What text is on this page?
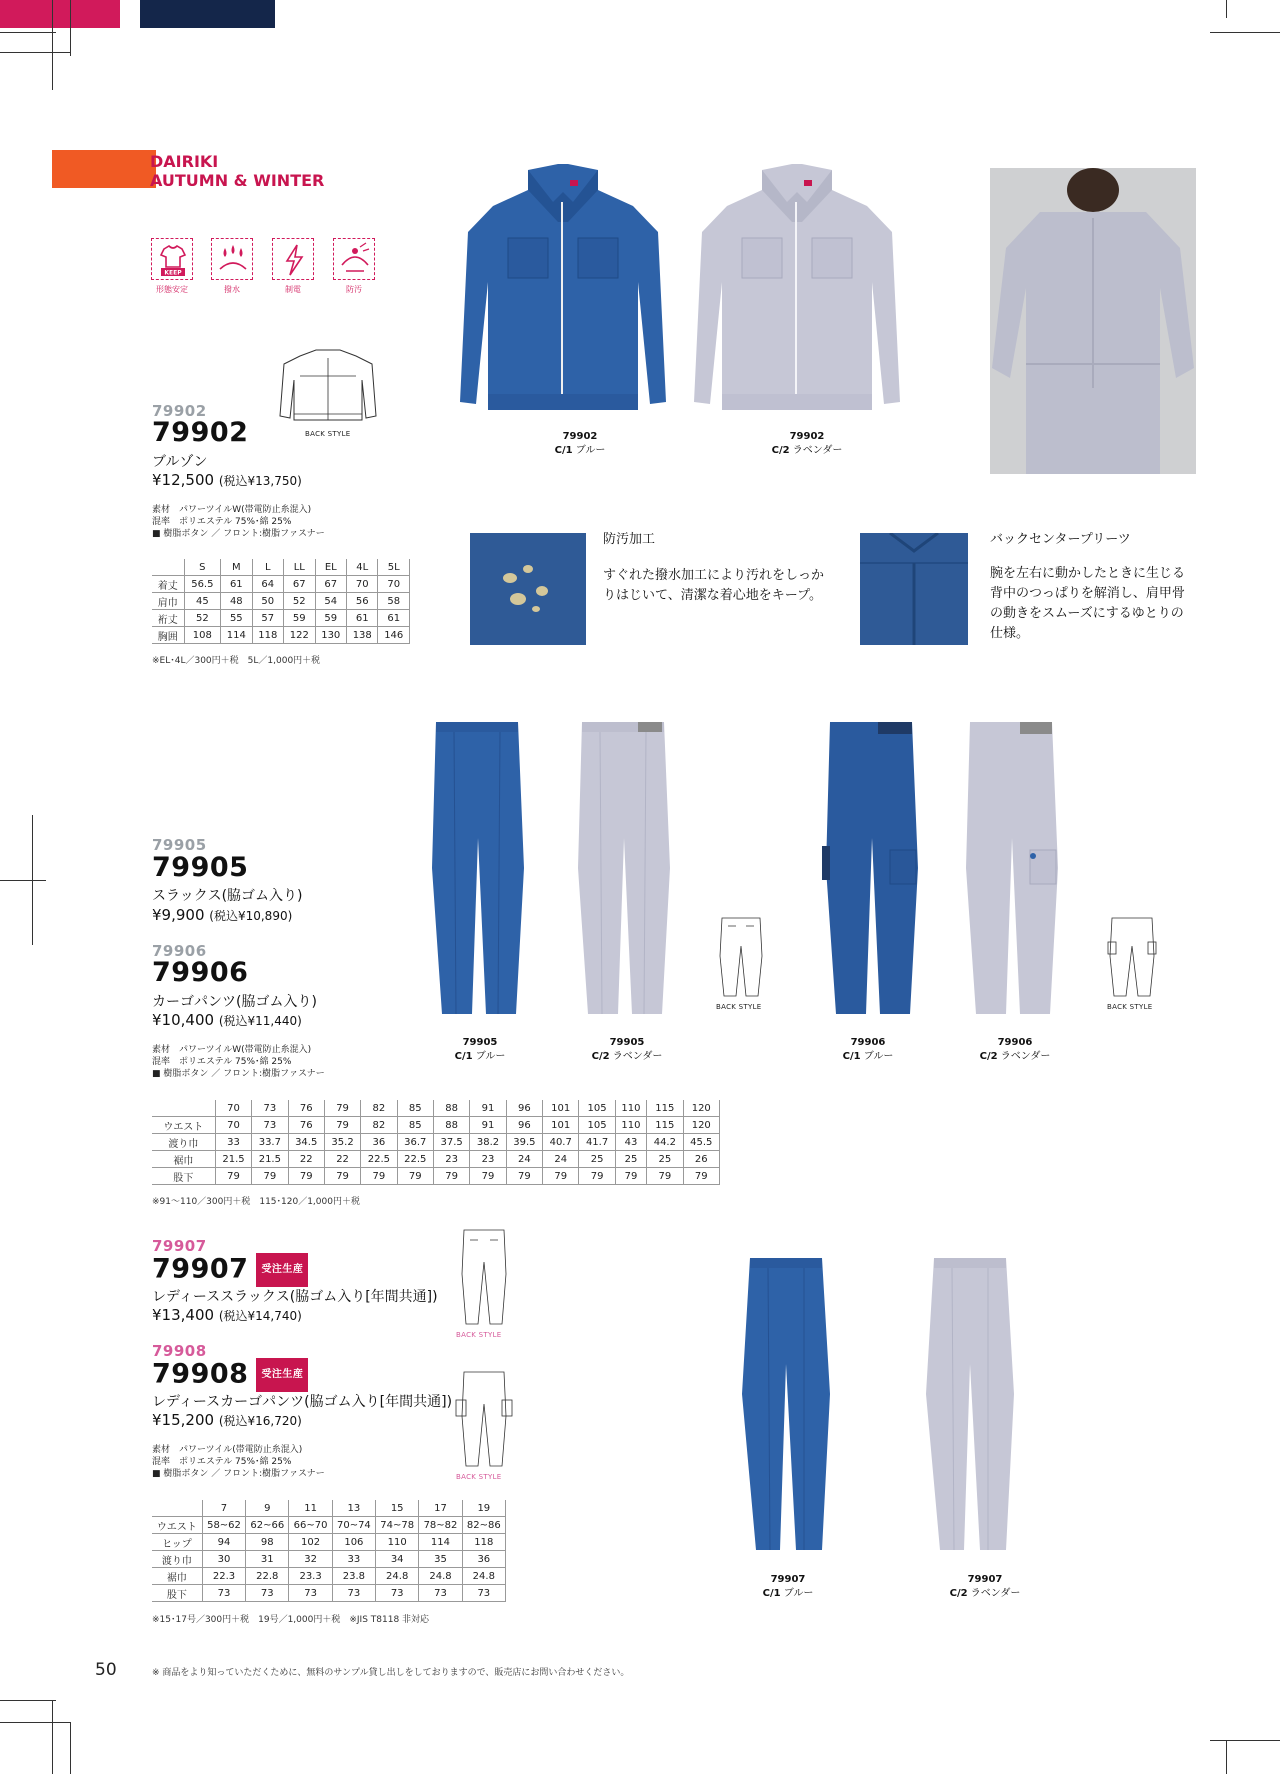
DAIRIKI
AUTUMN & WINTER
KEEP
形態安定	撥水	制電	防汚
BACK STYLE
79902
79902
ブルゾン
¥12,500 (税込¥13,750)
素材　パワーツイルW(帯電防止糸混入)
混率　ポリエステル 75%･綿 25%
■ 樹脂ボタン ／ フロント:樹脂ファスナー
	S	M	L	LL	EL	4L	5L
着丈	56.5	61	64	67	67	70	70
肩巾	45	48	50	52	54	56	58
裄丈	52	55	57	59	59	61	61
胸囲	108	114	118	122	130	138	146
※EL･4L／300円＋税　5L／1,000円＋税
79902
C/1 ブルー
79902
C/2 ラベンダー
防汚加工
すぐれた撥水加工により汚れをしっか
りはじいて、清潔な着心地をキープ。
バックセンタープリーツ
腕を左右に動かしたときに生じる
背中のつっぱりを解消し、肩甲骨
の動きをスムーズにするゆとりの
仕様。
79905
79905
スラックス(脇ゴム入り)
¥9,900 (税込¥10,890)
79906
79906
カーゴパンツ(脇ゴム入り)
¥10,400 (税込¥11,440)
素材　パワーツイルW(帯電防止糸混入)
混率　ポリエステル 75%･綿 25%
■ 樹脂ボタン ／ フロント:樹脂ファスナー
BACK STYLE	BACK STYLE
79905
C/1 ブルー
79905
C/2 ラベンダー
79906
C/1 ブルー
79906
C/2 ラベンダー
	70	73	76	79	82	85	88	91	96	101	105	110	115	120
ウエスト	70	73	76	79	82	85	88	91	96	101	105	110	115	120
渡り巾	33	33.7	34.5	35.2	36	36.7	37.5	38.2	39.5	40.7	41.7	43	44.2	45.5
裾巾	21.5	21.5	22	22	22.5	22.5	23	23	24	24	25	25	25	26
股下	79	79	79	79	79	79	79	79	79	79	79	79	79	79
※91～110／300円＋税　115･120／1,000円＋税
79907
79907 受注生産
レディーススラックス(脇ゴム入り[年間共通])
¥13,400 (税込¥14,740)
79908
79908 受注生産
レディースカーゴパンツ(脇ゴム入り[年間共通])
¥15,200 (税込¥16,720)
素材　パワーツイル(帯電防止糸混入)
混率　ポリエステル 75%･綿 25%
■ 樹脂ボタン ／ フロント:樹脂ファスナー
BACK STYLE
BACK STYLE
79907
C/1 ブルー
79907
C/2 ラベンダー
	7	9	11	13	15	17	19
ウエスト	58~62	62~66	66~70	70~74	74~78	78~82	82~86
ヒップ	94	98	102	106	110	114	118
渡り巾	30	31	32	33	34	35	36
裾巾	22.3	22.8	23.3	23.8	24.8	24.8	24.8
股下	73	73	73	73	73	73	73
※15･17号／300円＋税　19号／1,000円＋税　※JIS T8118 非対応
50	※ 商品をより知っていただくために、無料のサンプル貸し出しをしておりますので、販売店にお問い合わせください。
